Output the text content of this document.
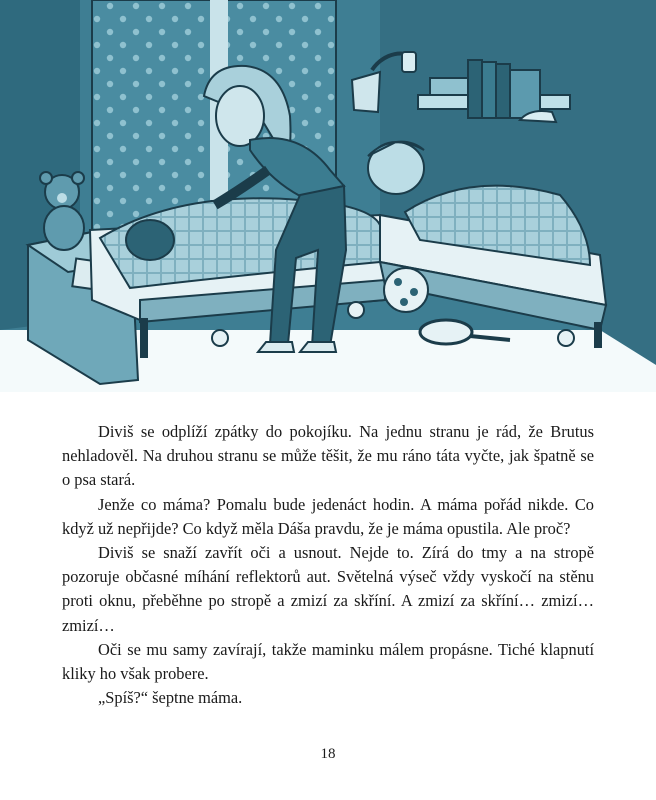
Diviš se odplíží zpátky do pokojíku. Na jednu stranu je rád, že Brutus nehladověl. Na druhou stranu se může těšit, že mu ráno táta vyčte, jak špatně se o psa stará.

Jenže co máma? Pomalu bude jedenáct hodin. A máma pořád nikde. Co když už nepřijde? Co když měla Dáša pravdu, že je máma opustila. Ale proč?

Diviš se snaží zavřít oči a usnout. Nejde to. Zírá do tmy a na stropě pozoruje občasné míhání reflektorů aut. Světelná výseč vždy vyskočí na stěnu proti oknu, přeběhne po stropě a zmizí za skříní. A zmizí za skříní… zmizí… zmizí…

Oči se mu samy zavírají, takže maminku málem propásne. Tiché klapnutí kliky ho však probere.

„Spíš?“ šeptne máma.

18
